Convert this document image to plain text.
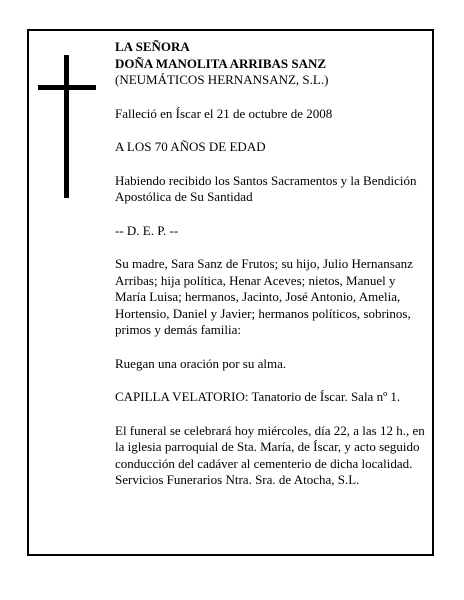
LA SEÑORA
DOÑA MANOLITA ARRIBAS SANZ
(NEUMÁTICOS HERNANSANZ, S.L.)

Falleció en Íscar el 21 de octubre de 2008

A LOS 70 AÑOS DE EDAD

Habiendo recibido los Santos Sacramentos y la Bendición Apostólica de Su Santidad

-- D. E. P. --

Su madre, Sara Sanz de Frutos; su hijo, Julio Hernansanz Arribas; hija política, Henar Aceves; nietos, Manuel y María Luisa; hermanos, Jacinto, José Antonio, Amelia, Hortensio, Daniel y Javier; hermanos políticos, sobrinos, primos y demás familia:

Ruegan una oración por su alma.

CAPILLA VELATORIO: Tanatorio de Íscar. Sala nº 1.

El funeral se celebrará hoy miércoles, día 22, a las 12 h., en la iglesia parroquial de Sta. María, de Íscar, y acto seguido conducción del cadáver al cementerio de dicha localidad.

Servicios Funerarios Ntra. Sra. de Atocha, S.L.
